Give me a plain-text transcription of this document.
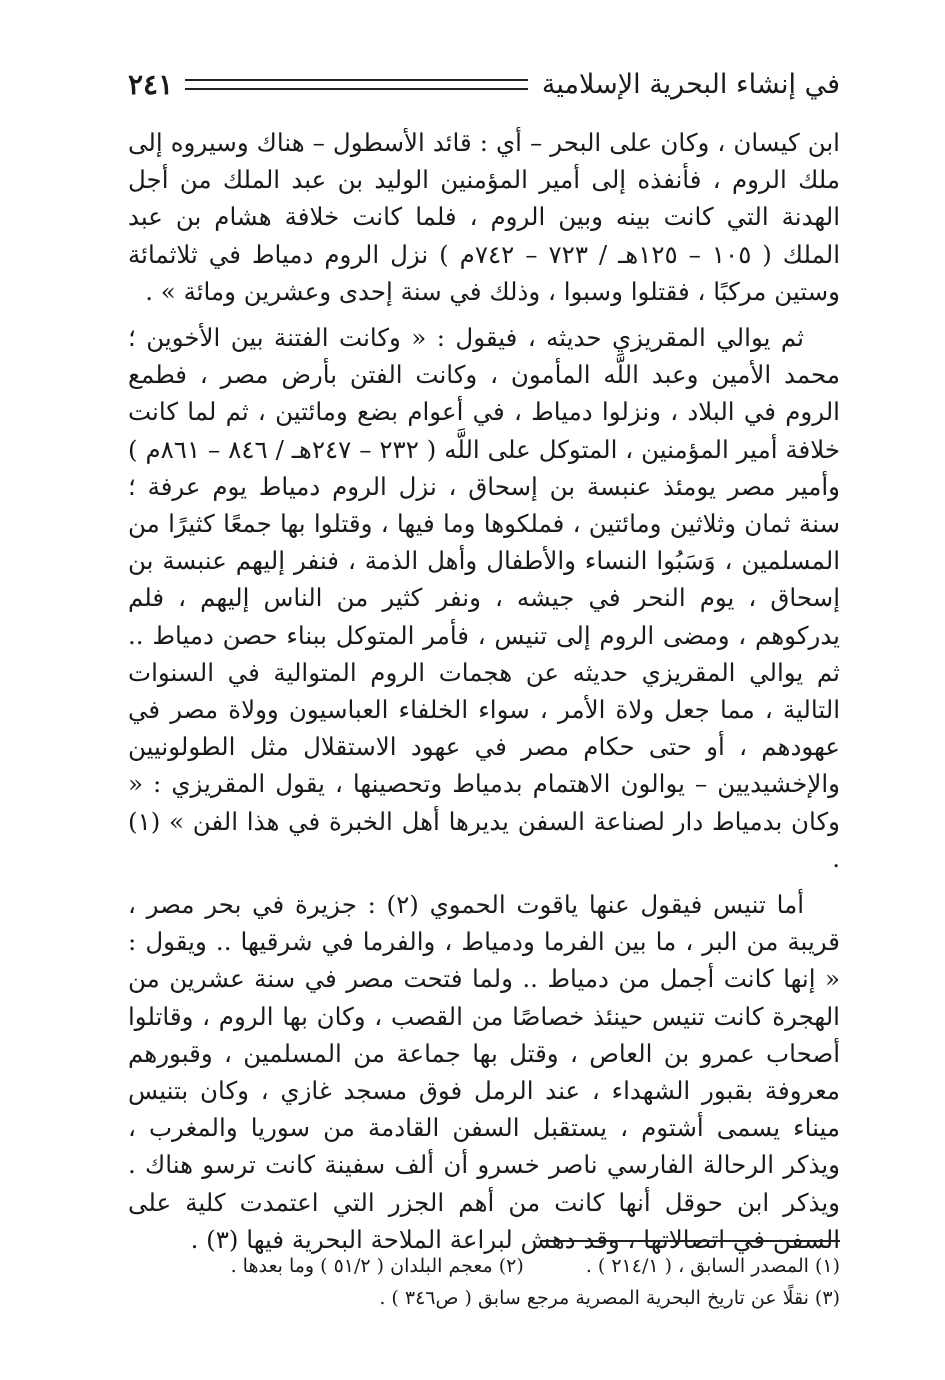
في إنشاء البحرية الإسلامية
٢٤١

ابن كيسان ، وكان على البحر – أي : قائد الأسطول – هناك وسيروه إلى ملك الروم ، فأنفذه إلى أمير المؤمنين الوليد بن عبد الملك من أجل الهدنة التي كانت بينه وبين الروم ، فلما كانت خلافة هشام بن عبد الملك ( ١٠٥ – ١٢٥هـ / ٧٢٣ – ٧٤٢م ) نزل الروم دمياط في ثلاثمائة وستين مركبًا ، فقتلوا وسبوا ، وذلك في سنة إحدى وعشرين ومائة » .

ثم يوالي المقريزي حديثه ، فيقول : « وكانت الفتنة بين الأخوين ؛ محمد الأمين وعبد اللَّه المأمون ، وكانت الفتن بأرض مصر ، فطمع الروم في البلاد ، ونزلوا دمياط ، في أعوام بضع ومائتين ، ثم لما كانت خلافة أمير المؤمنين ، المتوكل على اللَّه ( ٢٣٢ – ٢٤٧هـ / ٨٤٦ – ٨٦١م ) وأمير مصر يومئذ عنبسة بن إسحاق ، نزل الروم دمياط يوم عرفة ؛ سنة ثمان وثلاثين ومائتين ، فملكوها وما فيها ، وقتلوا بها جمعًا كثيرًا من المسلمين ، وَسَبُوا النساء والأطفال وأهل الذمة ، فنفر إليهم عنبسة بن إسحاق ، يوم النحر في جيشه ، ونفر كثير من الناس إليهم ، فلم يدركوهم ، ومضى الروم إلى تنيس ، فأمر المتوكل ببناء حصن دمياط .. ثم يوالي المقريزي حديثه عن هجمات الروم المتوالية في السنوات التالية ، مما جعل ولاة الأمر ، سواء الخلفاء العباسيون وولاة مصر في عهودهم ، أو حتى حكام مصر في عهود الاستقلال مثل الطولونيين والإخشيديين – يوالون الاهتمام بدمياط وتحصينها ، يقول المقريزي : « وكان بدمياط دار لصناعة السفن يديرها أهل الخبرة في هذا الفن » (١) .

أما تنيس فيقول عنها ياقوت الحموي (٢) : جزيرة في بحر مصر ، قريبة من البر ، ما بين الفرما ودمياط ، والفرما في شرقيها .. ويقول : « إنها كانت أجمل من دمياط .. ولما فتحت مصر في سنة عشرين من الهجرة كانت تنيس حينئذ خصاصًا من القصب ، وكان بها الروم ، وقاتلوا أصحاب عمرو بن العاص ، وقتل بها جماعة من المسلمين ، وقبورهم معروفة بقبور الشهداء ، عند الرمل فوق مسجد غازي ، وكان بتنيس ميناء يسمى أشتوم ، يستقبل السفن القادمة من سوريا والمغرب ، ويذكر الرحالة الفارسي ناصر خسرو أن ألف سفينة كانت ترسو هناك . ويذكر ابن حوقل أنها كانت من أهم الجزر التي اعتمدت كلية على السفن في اتصالاتها ، وقد دهش لبراعة الملاحة البحرية فيها (٣) .

(١) المصدر السابق ، ( ٢١٤/١ ) .
(٢) معجم البلدان ( ٥١/٢ ) وما بعدها .
(٣) نقلًا عن تاريخ البحرية المصرية مرجع سابق ( ص٣٤٦ ) .
